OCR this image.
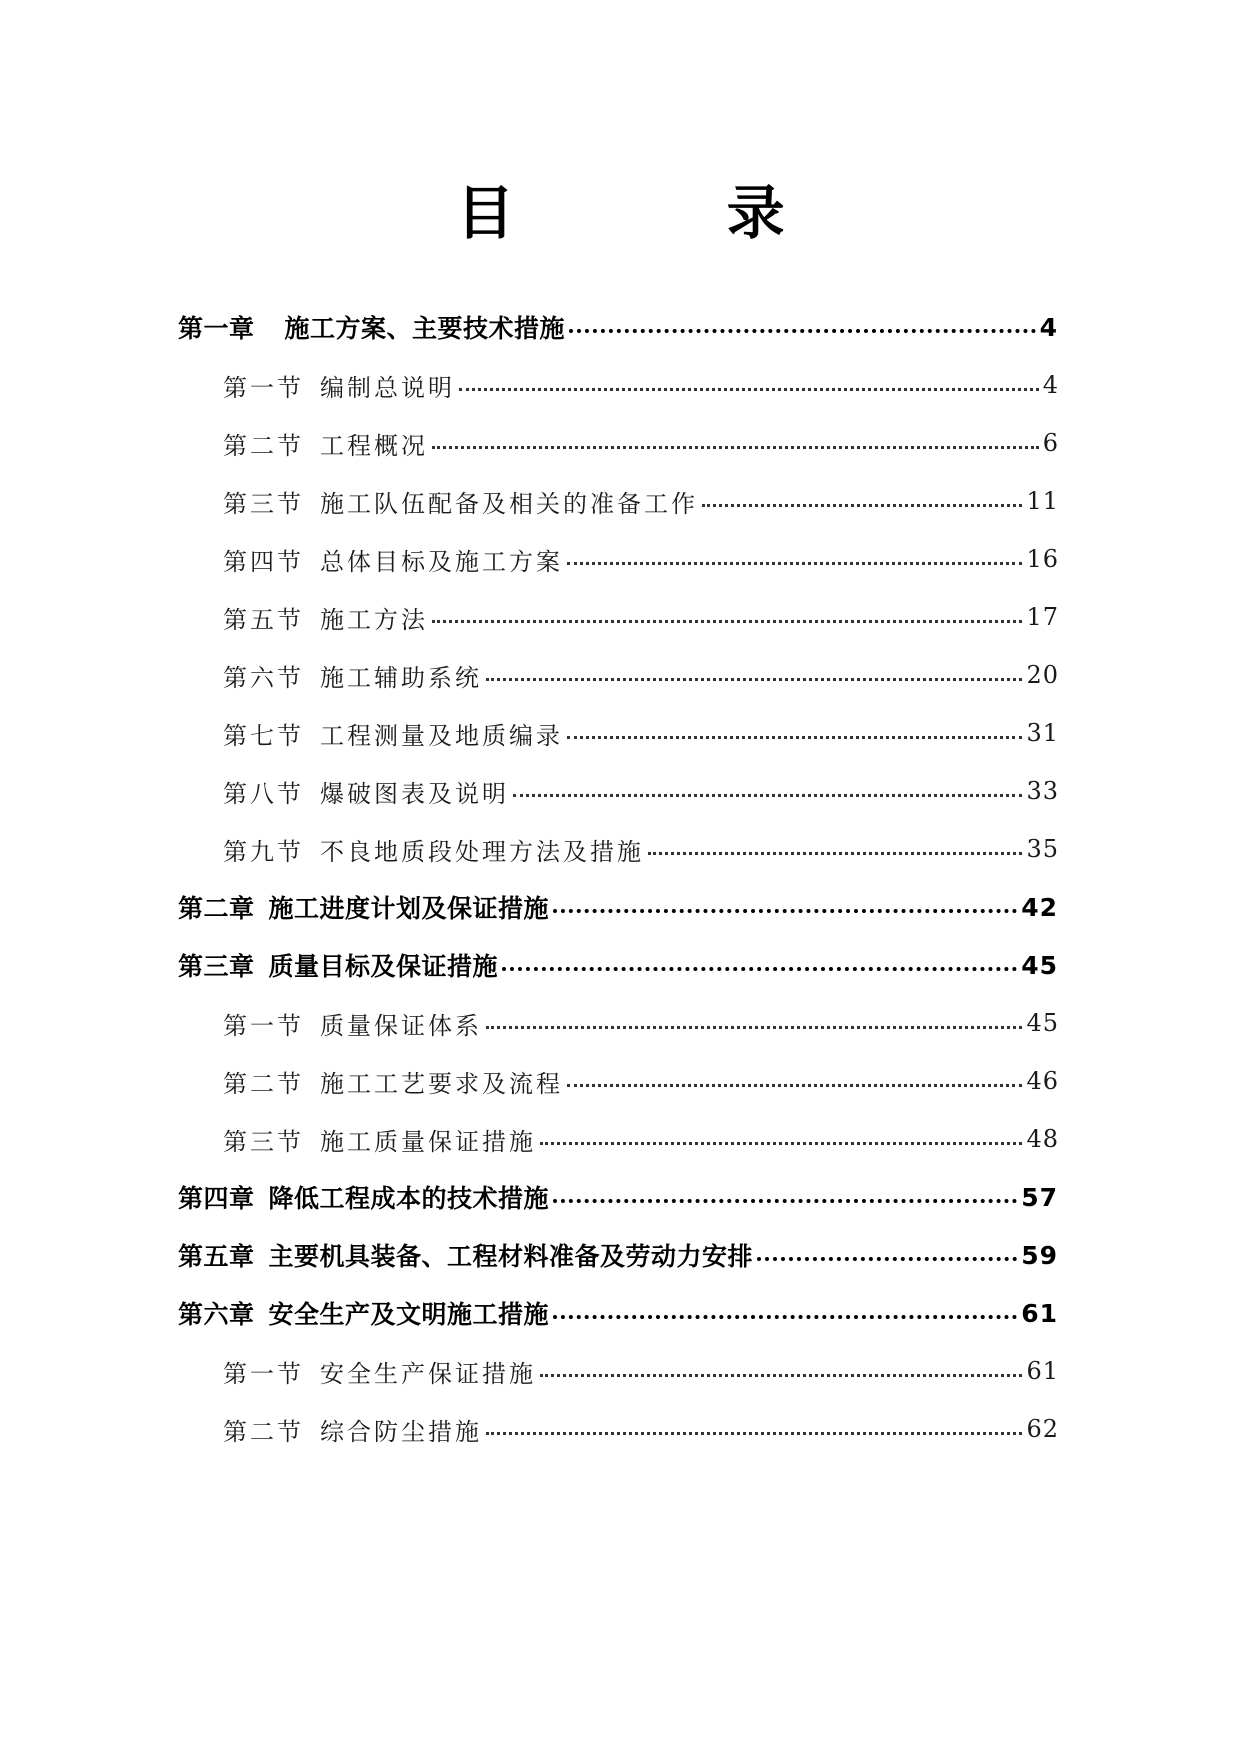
目 录
第一章 施工方案、主要技术措施	4
第一节 编制总说明	4
第二节 工程概况	6
第三节 施工队伍配备及相关的准备工作	11
第四节 总体目标及施工方案	16
第五节 施工方法	17
第六节 施工辅助系统	20
第七节 工程测量及地质编录	31
第八节 爆破图表及说明	33
第九节 不良地质段处理方法及措施	35
第二章 施工进度计划及保证措施	42
第三章 质量目标及保证措施	45
第一节 质量保证体系	45
第二节 施工工艺要求及流程	46
第三节 施工质量保证措施	48
第四章 降低工程成本的技术措施	57
第五章 主要机具装备、工程材料准备及劳动力安排	59
第六章 安全生产及文明施工措施	61
第一节 安全生产保证措施	61
第二节 综合防尘措施	62
